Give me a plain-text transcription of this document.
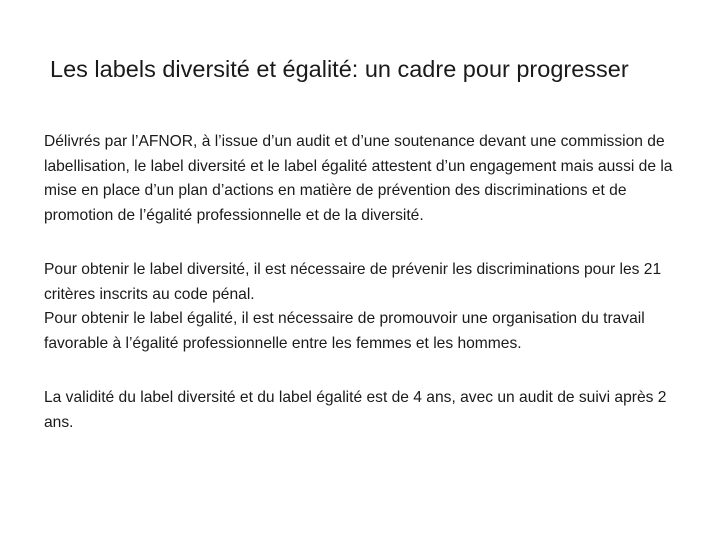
Les labels diversité et égalité: un cadre pour progresser

Délivrés par l’AFNOR, à l’issue d’un audit et d’une soutenance devant une commission de labellisation, le label diversité et le label égalité attestent d’un engagement mais aussi de la mise en place d’un plan d’actions en matière de prévention des discriminations et de promotion de l’égalité professionnelle et de la diversité.

Pour obtenir le label diversité, il est nécessaire de prévenir les discriminations pour les 21 critères inscrits au code pénal.

Pour obtenir le label égalité, il est nécessaire de promouvoir une organisation du travail favorable à l’égalité professionnelle entre les femmes et les hommes.

La validité du label diversité et du label égalité est de 4 ans, avec un audit de suivi après 2 ans.
